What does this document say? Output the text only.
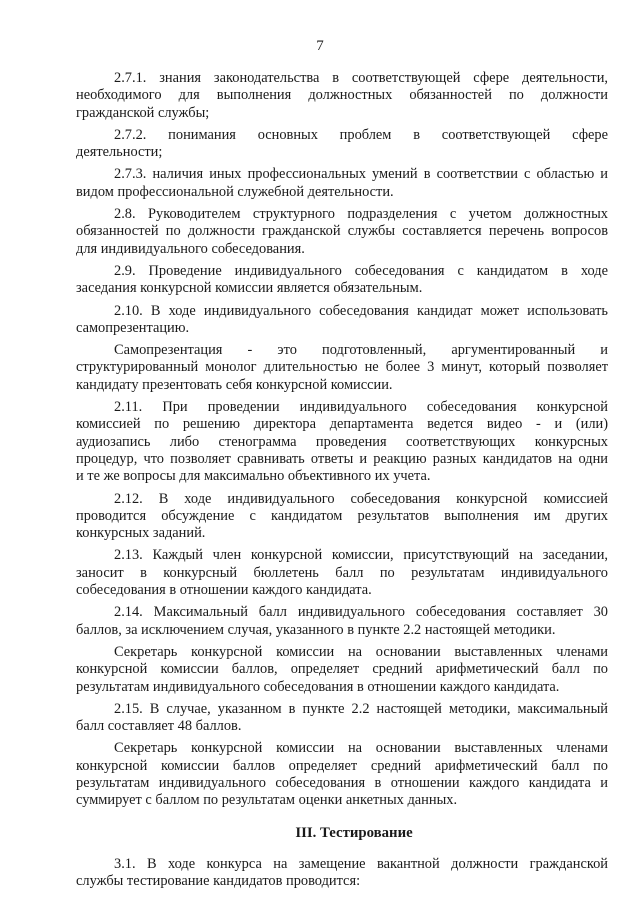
7
2.7.1. знания законодательства в соответствующей сфере деятельности,
необходимого для выполнения должностных обязанностей по должности
гражданской службы;
2.7.2. понимания основных проблем в соответствующей сфере
деятельности;
2.7.3. наличия иных профессиональных умений в соответствии с областью и
видом профессиональной служебной деятельности.
2.8. Руководителем структурного подразделения с учетом должностных
обязанностей по должности гражданской службы составляется перечень вопросов
для индивидуального собеседования.
2.9. Проведение индивидуального собеседования с кандидатом в ходе
заседания конкурсной комиссии является обязательным.
2.10. В ходе индивидуального собеседования кандидат может использовать
самопрезентацию.
Самопрезентация - это подготовленный, аргументированный и
структурированный монолог длительностью не более 3 минут, который позволяет
кандидату презентовать себя конкурсной комиссии.
2.11. При проведении индивидуального собеседования конкурсной
комиссией по решению директора департамента ведется видео - и (или)
аудиозапись либо стенограмма проведения соответствующих конкурсных
процедур, что позволяет сравнивать ответы и реакцию разных кандидатов на одни
и те же вопросы для максимально объективного их учета.
2.12. В ходе индивидуального собеседования конкурсной комиссией
проводится обсуждение с кандидатом результатов выполнения им других
конкурсных заданий.
2.13. Каждый член конкурсной комиссии, присутствующий на заседании,
заносит в конкурсный бюллетень балл по результатам индивидуального
собеседования в отношении каждого кандидата.
2.14. Максимальный балл индивидуального собеседования составляет 30
баллов, за исключением случая, указанного в пункте 2.2 настоящей методики.
Секретарь конкурсной комиссии на основании выставленных членами
конкурсной комиссии баллов, определяет средний арифметический балл по
результатам индивидуального собеседования в отношении каждого кандидата.
2.15. В случае, указанном в пункте 2.2 настоящей методики, максимальный
балл составляет 48 баллов.
Секретарь конкурсной комиссии на основании выставленных членами
конкурсной комиссии баллов определяет средний арифметический балл по
результатам индивидуального собеседования в отношении каждого кандидата и
суммирует с баллом по результатам оценки анкетных данных.
III. Тестирование
3.1. В ходе конкурса на замещение вакантной должности гражданской
службы тестирование кандидатов проводится:
